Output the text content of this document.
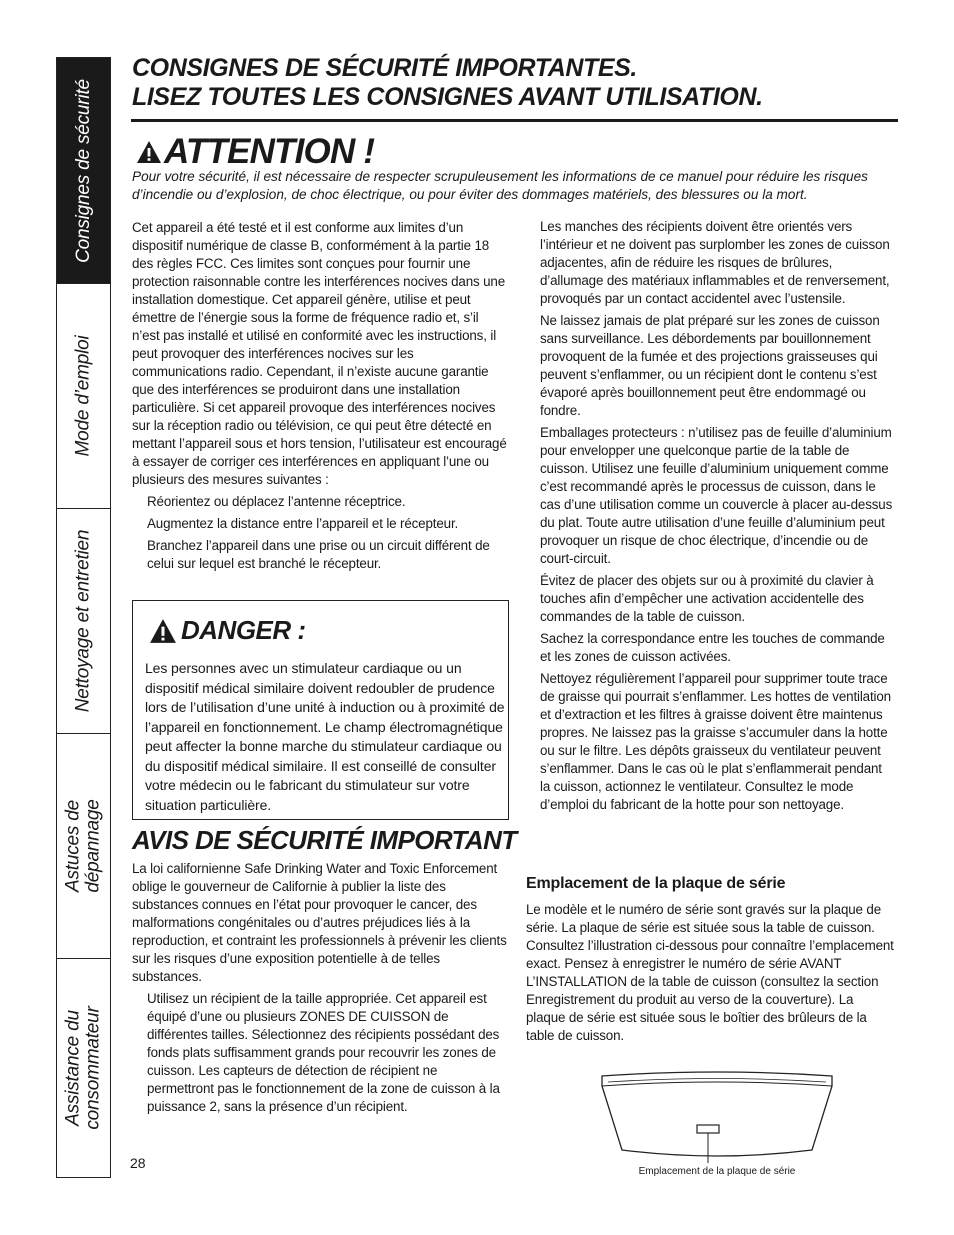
Consignes de sécurité
Mode d’emploi
Nettoyage et entretien
Astuces de
dépannage
Assistance du
consommateur
CONSIGNES DE SÉCURITÉ IMPORTANTES.
LISEZ TOUTES LES CONSIGNES AVANT UTILISATION.
ATTENTION !
Pour votre sécurité, il est nécessaire de respecter scrupuleusement les informations de ce manuel pour réduire les risques d’incendie ou d’explosion, de choc électrique, ou pour éviter des dommages matériels, des blessures ou la mort.

Cet appareil a été testé et il est conforme aux limites d’un dispositif numérique de classe B, conformément à la partie 18 des règles FCC. Ces limites sont conçues pour fournir une protection raisonnable contre les interférences nocives dans une installation domestique. Cet appareil génère, utilise et peut émettre de l’énergie sous la forme de fréquence radio et, s’il n’est pas installé et utilisé en conformité avec les instructions, il peut provoquer des interférences nocives sur les communications radio. Cependant, il n’existe aucune garantie que des interférences se produiront dans une installation particulière. Si cet appareil provoque des interférences nocives sur la réception radio ou télévision, ce qui peut être détecté en mettant l’appareil sous et hors tension, l’utilisateur est encouragé à essayer de corriger ces interférences en appliquant l’une ou plusieurs des mesures suivantes :

Réorientez ou déplacez l’antenne réceptrice.

Augmentez la distance entre l’appareil et le récepteur.

Branchez l’appareil dans une prise ou un circuit différent de celui sur lequel est branché le récepteur.

DANGER :
Les personnes avec un stimulateur cardiaque ou un dispositif médical similaire doivent redoubler de prudence lors de l’utilisation d’une unité à induction ou à proximité de l’appareil en fonctionnement. Le champ électromagnétique peut affecter la bonne marche du stimulateur cardiaque ou du dispositif médical similaire. Il est conseillé de consulter votre médecin ou le fabricant du stimulateur sur votre situation particulière.
AVIS DE SÉCURITÉ IMPORTANT

La loi californienne Safe Drinking Water and Toxic Enforcement oblige le gouverneur de Californie à publier la liste des substances connues en l’état pour provoquer le cancer, des malformations congénitales ou d’autres préjudices liés à la reproduction, et contraint les professionnels à prévenir les clients sur les risques d’une exposition potentielle à de telles substances.

Utilisez un récipient de la taille appropriée. Cet appareil est équipé d’une ou plusieurs ZONES DE CUISSON de différentes tailles. Sélectionnez des récipients possédant des fonds plats suffisamment grands pour recouvrir les zones de cuisson. Les capteurs de détection de récipient ne permettront pas le fonctionnement de la zone de cuisson à la puissance 2, sans la présence d’un récipient.

Les manches des récipients doivent être orientés vers l’intérieur et ne doivent pas surplomber les zones de cuisson adjacentes, afin de réduire les risques de brûlures, d’allumage des matériaux inflammables et de renversement, provoqués par un contact accidentel avec l’ustensile.

Ne laissez jamais de plat préparé sur les zones de cuisson sans surveillance. Les débordements par bouillonnement provoquent de la fumée et des projections graisseuses qui peuvent s’enflammer, ou un récipient dont le contenu s’est évaporé après bouillonnement peut être endommagé ou fondre.

Emballages protecteurs : n’utilisez pas de feuille d’aluminium pour envelopper une quelconque partie de la table de cuisson. Utilisez une feuille d’aluminium uniquement comme c’est recommandé après le processus de cuisson, dans le cas d’une utilisation comme un couvercle à placer au-dessus du plat. Toute autre utilisation d’une feuille d’aluminium peut provoquer un risque de choc électrique, d’incendie ou de court-circuit.

Évitez de placer des objets sur ou à proximité du clavier à touches afin d’empêcher une activation accidentelle des commandes de la table de cuisson.

Sachez la correspondance entre les touches de commande et les zones de cuisson activées.

Nettoyez régulièrement l’appareil pour supprimer toute trace de graisse qui pourrait s’enflammer. Les hottes de ventilation et d’extraction et les filtres à graisse doivent être maintenus propres. Ne laissez pas la graisse s’accumuler dans la hotte ou sur le filtre. Les dépôts graisseux du ventilateur peuvent s’enflammer. Dans le cas où le plat s’enflammerait pendant la cuisson, actionnez le ventilateur. Consultez le mode d’emploi du fabricant de la hotte pour son nettoyage.

Emplacement de la plaque de série

Le modèle et le numéro de série sont gravés sur la plaque de série. La plaque de série est située sous la table de cuisson. Consultez l’illustration ci-dessous pour connaître l’emplacement exact. Pensez à enregistrer le numéro de série AVANT L’INSTALLATION de la table de cuisson (consultez la section Enregistrement du produit au verso de la couverture). La plaque de série est située sous le boîtier des brûleurs de la table de cuisson.

Emplacement de la plaque de série
28
